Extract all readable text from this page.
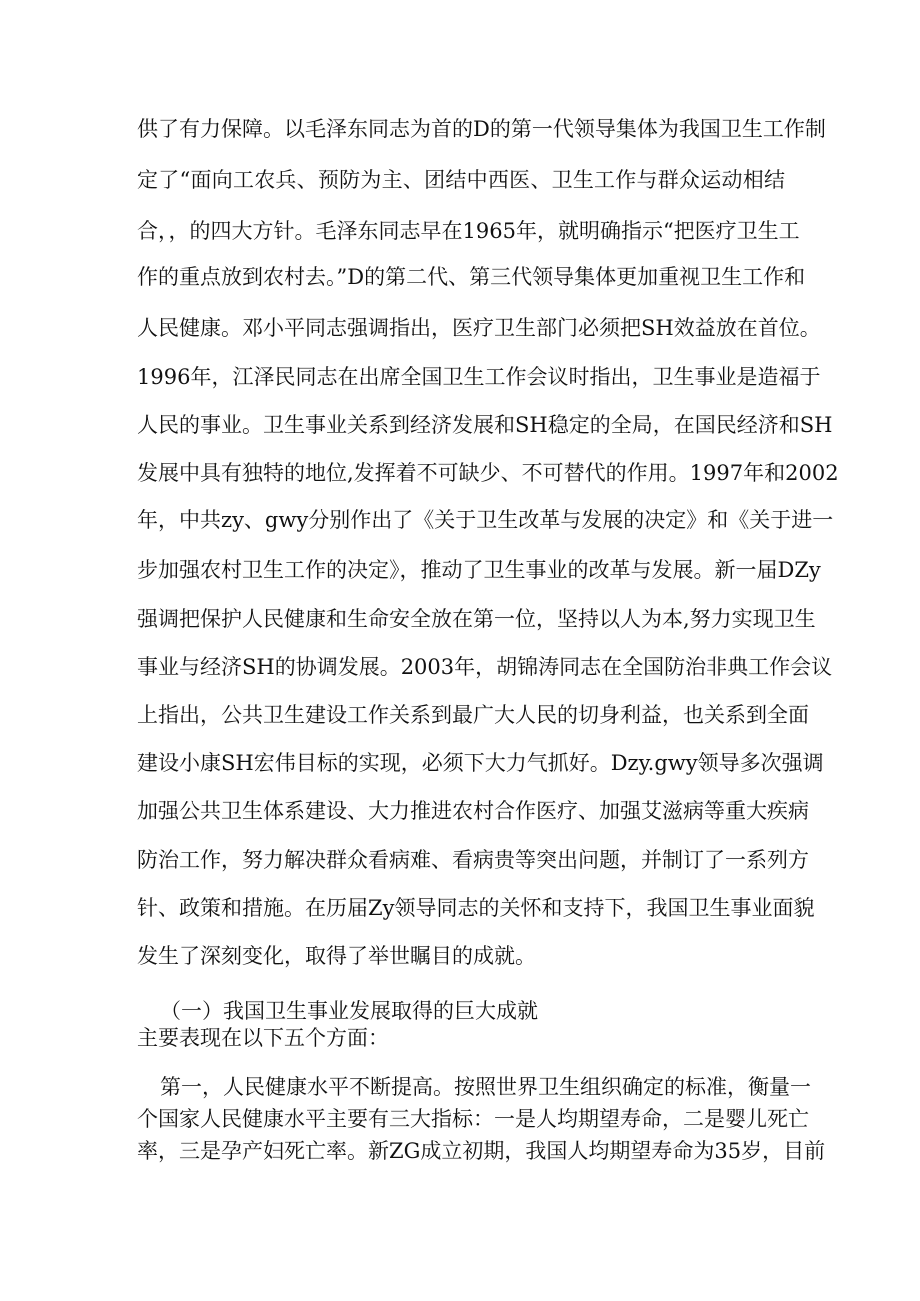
供了有力保障。以毛泽东同志为首的D的第一代领导集体为我国卫生工作制
定了“面向工农兵、预防为主、团结中西医、卫生工作与群众运动相结
合，，的四大方针。毛泽东同志早在1965年，就明确指示“把医疗卫生工
作的重点放到农村去。”D的第二代、第三代领导集体更加重视卫生工作和
人民健康。邓小平同志强调指出，医疗卫生部门必须把SH效益放在首位。
1996年，江泽民同志在出席全国卫生工作会议时指出，卫生事业是造福于
人民的事业。卫生事业关系到经济发展和SH稳定的全局，在国民经济和SH
发展中具有独特的地位,发挥着不可缺少、不可替代的作用。1997年和2002
年，中共zy、gwy分别作出了《关于卫生改革与发展的决定》和《关于进一
步加强农村卫生工作的决定》，推动了卫生事业的改革与发展。新一届DZy
强调把保护人民健康和生命安全放在第一位，坚持以人为本,努力实现卫生
事业与经济SH的协调发展。2003年，胡锦涛同志在全国防治非典工作会议
上指出，公共卫生建设工作关系到最广大人民的切身利益，也关系到全面
建设小康SH宏伟目标的实现，必须下大力气抓好。Dzy.gwy领导多次强调
加强公共卫生体系建设、大力推进农村合作医疗、加强艾滋病等重大疾病
防治工作，努力解决群众看病难、看病贵等突出问题，并制订了一系列方
针、政策和措施。在历届Zy领导同志的关怀和支持下，我国卫生事业面貌
发生了深刻变化，取得了举世瞩目的成就。
（一）我国卫生事业发展取得的巨大成就
主要表现在以下五个方面：
第一，人民健康水平不断提高。按照世界卫生组织确定的标准，衡量一
个国家人民健康水平主要有三大指标：一是人均期望寿命，二是婴儿死亡
率，三是孕产妇死亡率。新ZG成立初期，我国人均期望寿命为35岁，目前
